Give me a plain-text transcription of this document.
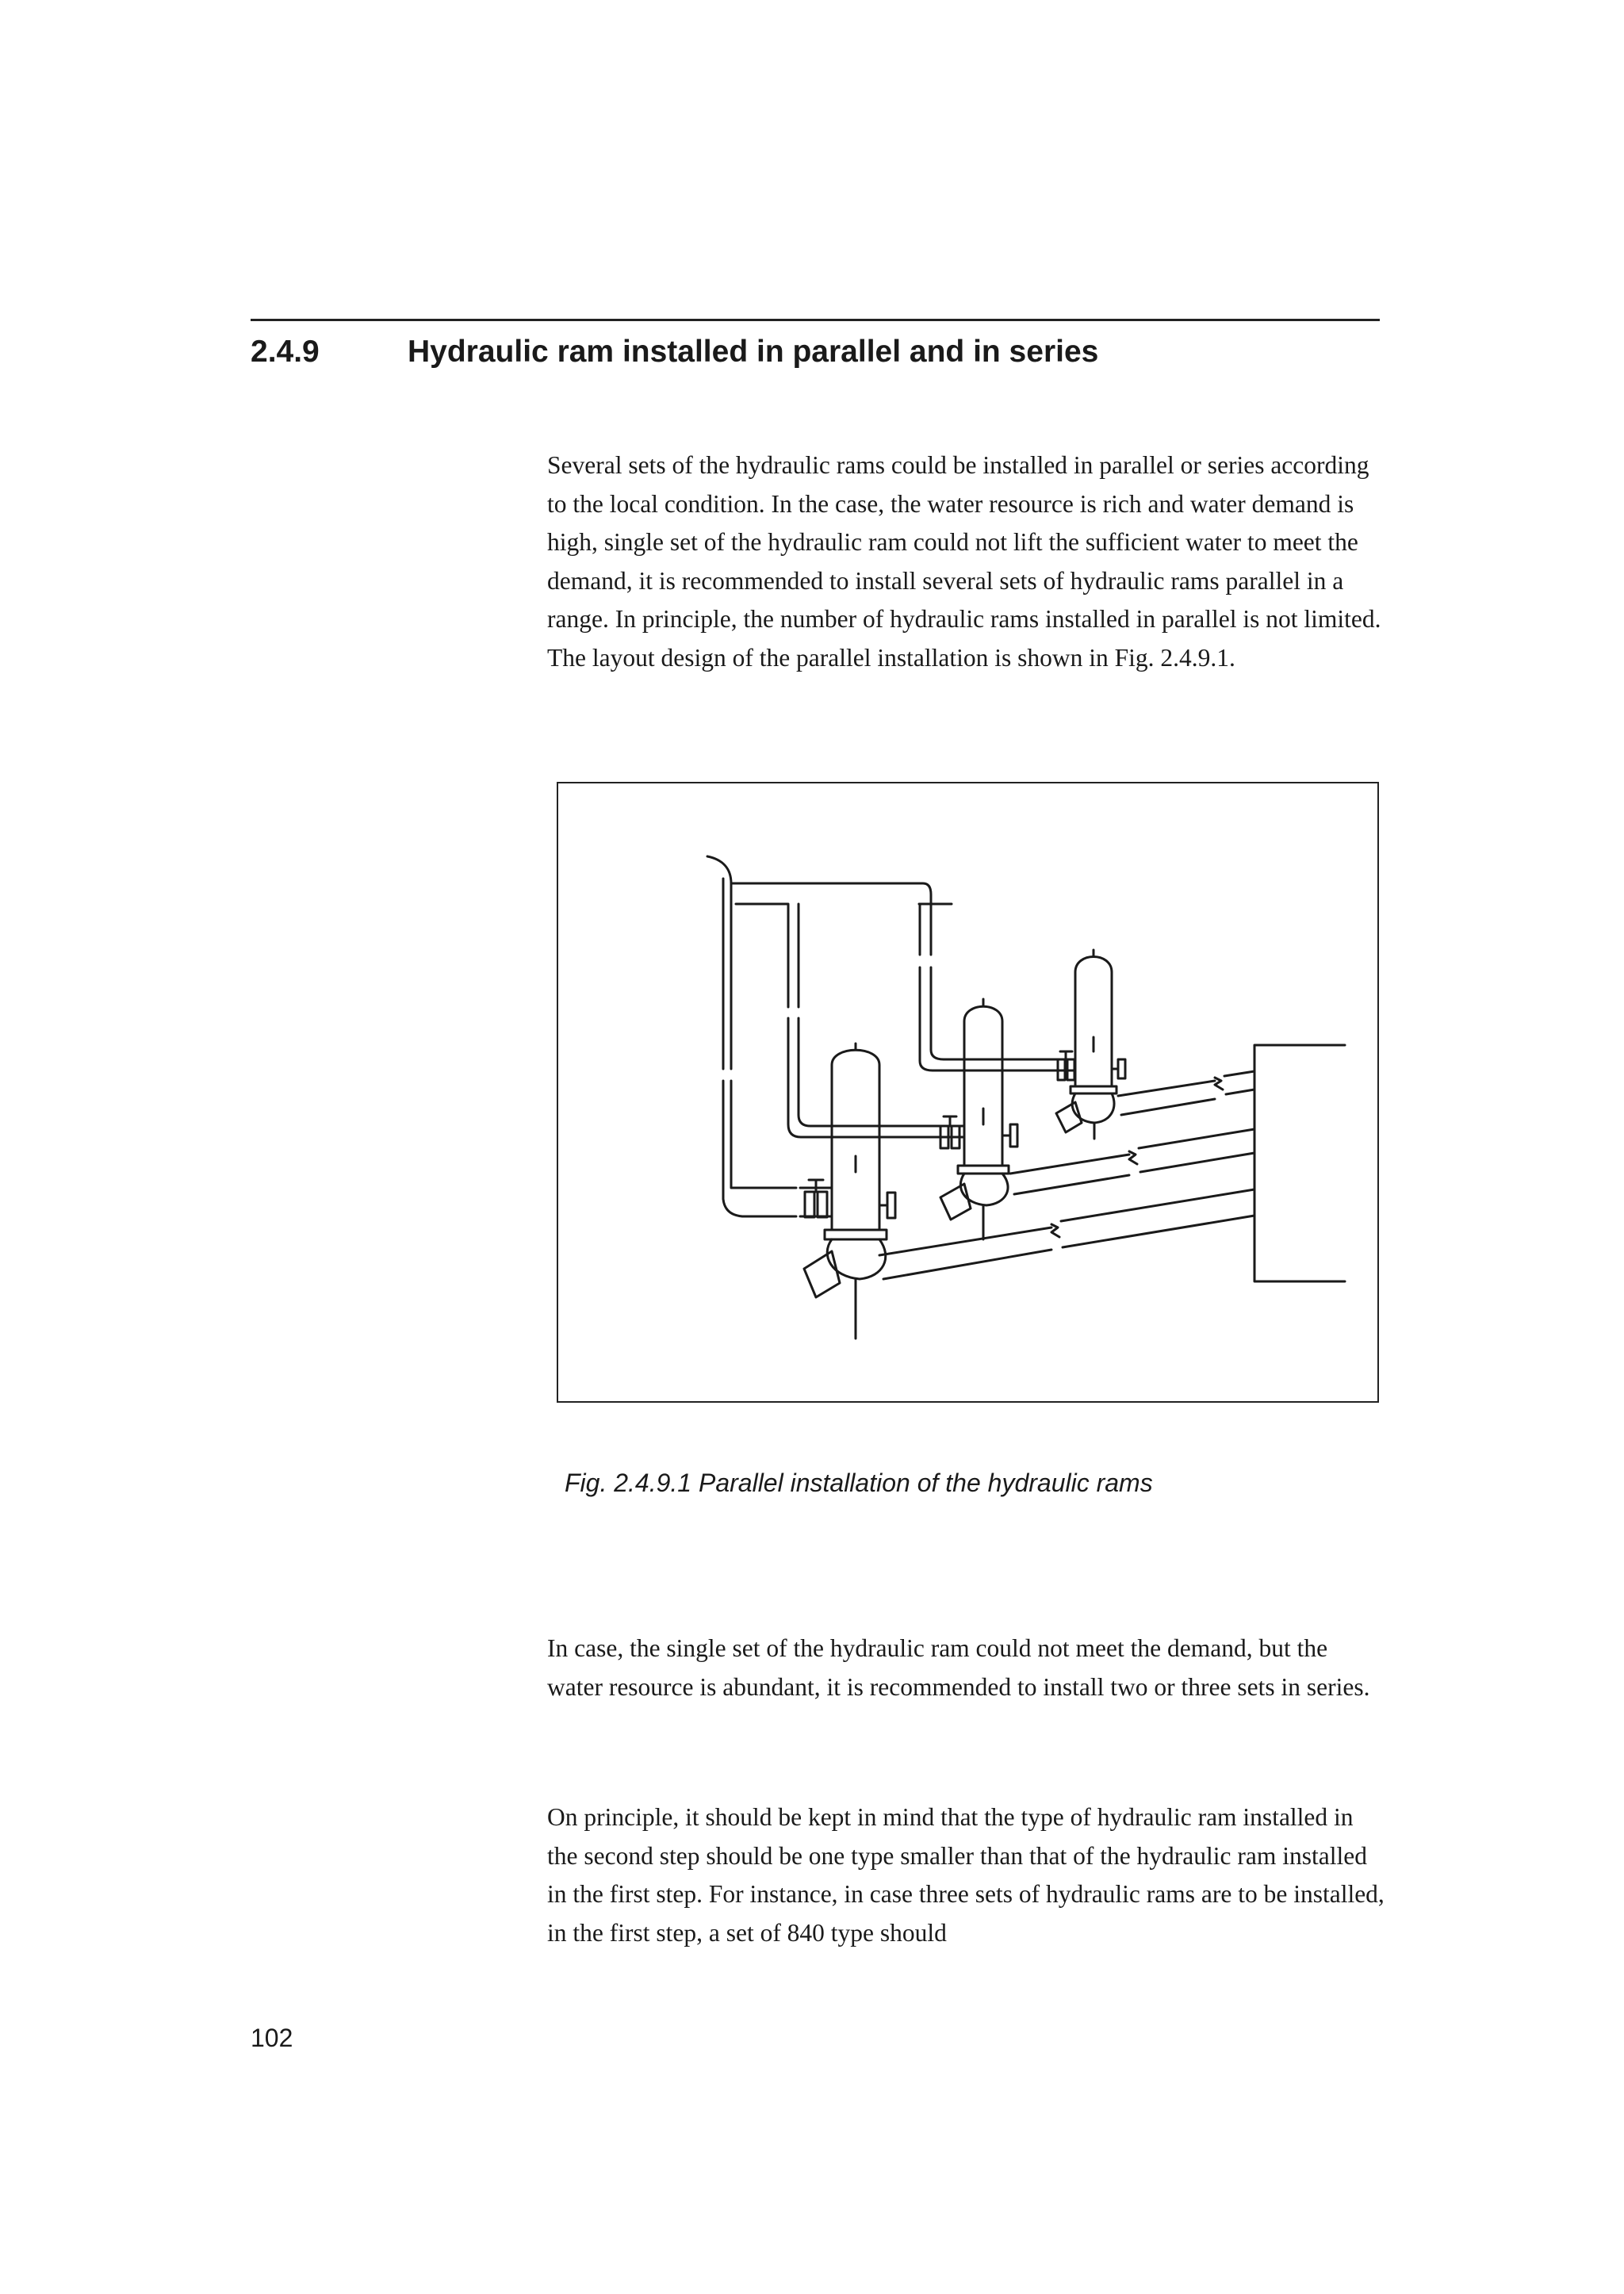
2.4.9	Hydraulic ram installed in parallel and in series

Several sets of the hydraulic rams could be installed in parallel or series according to the local condition. In the case, the water resource is rich and water demand is high, single set of the hydraulic ram could not lift the sufficient water to meet the demand, it is recommended to install several sets of hydraulic rams parallel in a range. In principle, the number of hydraulic rams installed in parallel is not limited. The layout design of the parallel installation is shown in Fig. 2.4.9.1.

Fig. 2.4.9.1 Parallel installation of the hydraulic rams

In case, the single set of the hydraulic ram could not meet the demand, but the water resource is abundant, it is recommended to install two or three sets in series.

On principle, it should be kept in mind that the type of hydraulic ram installed in the second step should be one type smaller than that of the hydraulic ram installed in the first step. For instance, in case three sets of hydraulic rams are to be installed, in the first step, a set of 840 type should

102
